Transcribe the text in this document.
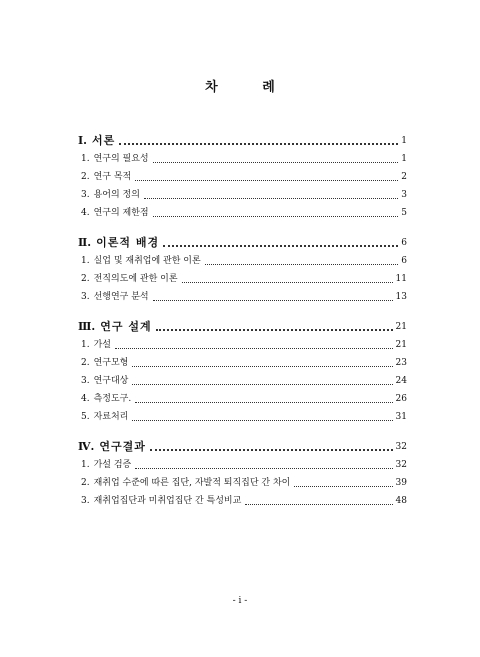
차 례
Ⅰ. 서론	1
1. 연구의 필요성	1
2. 연구 목적	2
3. 용어의 정의	3
4. 연구의 제한점	5
Ⅱ. 이론적 배경	6
1. 실업 및 재취업에 관한 이론	6
2. 전직의도에 관한 이론	11
3. 선행연구 분석	13
Ⅲ. 연구 설계	21
1. 가설	21
2. 연구모형	23
3. 연구대상	24
4. 측정도구.	26
5. 자료처리	31
Ⅳ. 연구결과	32
1. 가설 검증	32
2. 재취업 수준에 따른 집단, 자발적 퇴직집단 간 차이	39
3. 재취업집단과 미취업집단 간 특성비교	48
- i -
